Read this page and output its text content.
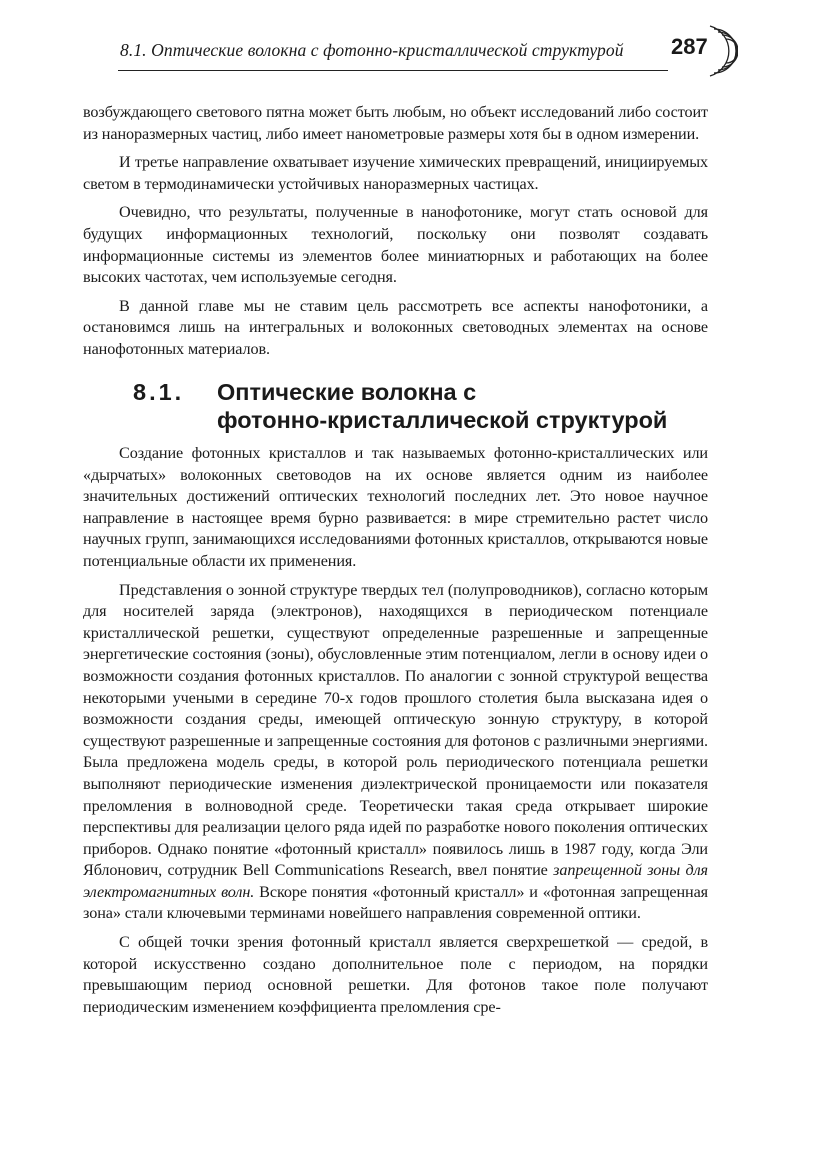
8.1. Оптические волокна с фотонно-кристаллической структурой	287

возбуждающего светового пятна может быть любым, но объект исследований либо состоит из наноразмерных частиц, либо имеет нанометровые размеры хотя бы в одном измерении.

И третье направление охватывает изучение химических превращений, инициируемых светом в термодинамически устойчивых наноразмерных частицах.

Очевидно, что результаты, полученные в нанофотонике, могут стать основой для будущих информационных технологий, поскольку они позволят создавать информационные системы из элементов более миниатюрных и работающих на более высоких частотах, чем используемые сегодня.

В данной главе мы не ставим цель рассмотреть все аспекты нанофотоники, а остановимся лишь на интегральных и волоконных световодных элементах на основе нанофотонных материалов.

8.1. Оптические волокна с
фотонно-кристаллической структурой

Создание фотонных кристаллов и так называемых фотонно-кристаллических или «дырчатых» волоконных световодов на их основе является одним из наиболее значительных достижений оптических технологий последних лет. Это новое научное направление в настоящее время бурно развивается: в мире стремительно растет число научных групп, занимающихся исследованиями фотонных кристаллов, открываются новые потенциальные области их применения.

Представления о зонной структуре твердых тел (полупроводников), согласно которым для носителей заряда (электронов), находящихся в периодическом потенциале кристаллической решетки, существуют определенные разрешенные и запрещенные энергетические состояния (зоны), обусловленные этим потенциалом, легли в основу идеи о возможности создания фотонных кристаллов. По аналогии с зонной структурой вещества некоторыми учеными в середине 70-х годов прошлого столетия была высказана идея о возможности создания среды, имеющей оптическую зонную структуру, в которой существуют разрешенные и запрещенные состояния для фотонов с различными энергиями. Была предложена модель среды, в которой роль периодического потенциала решетки выполняют периодические изменения диэлектрической проницаемости или показателя преломления в волноводной среде. Теоретически такая среда открывает широкие перспективы для реализации целого ряда идей по разработке нового поколения оптических приборов. Однако понятие «фотонный кристалл» появилось лишь в 1987 году, когда Эли Яблонович, сотрудник Bell Communications Research, ввел понятие запрещенной зоны для электромагнитных волн. Вскоре понятия «фотонный кристалл» и «фотонная запрещенная зона» стали ключевыми терминами новейшего направления современной оптики.

С общей точки зрения фотонный кристалл является сверхрешеткой — средой, в которой искусственно создано дополнительное поле с периодом, на порядки превышающим период основной решетки. Для фотонов такое поле получают периодическим изменением коэффициента преломления сре-
